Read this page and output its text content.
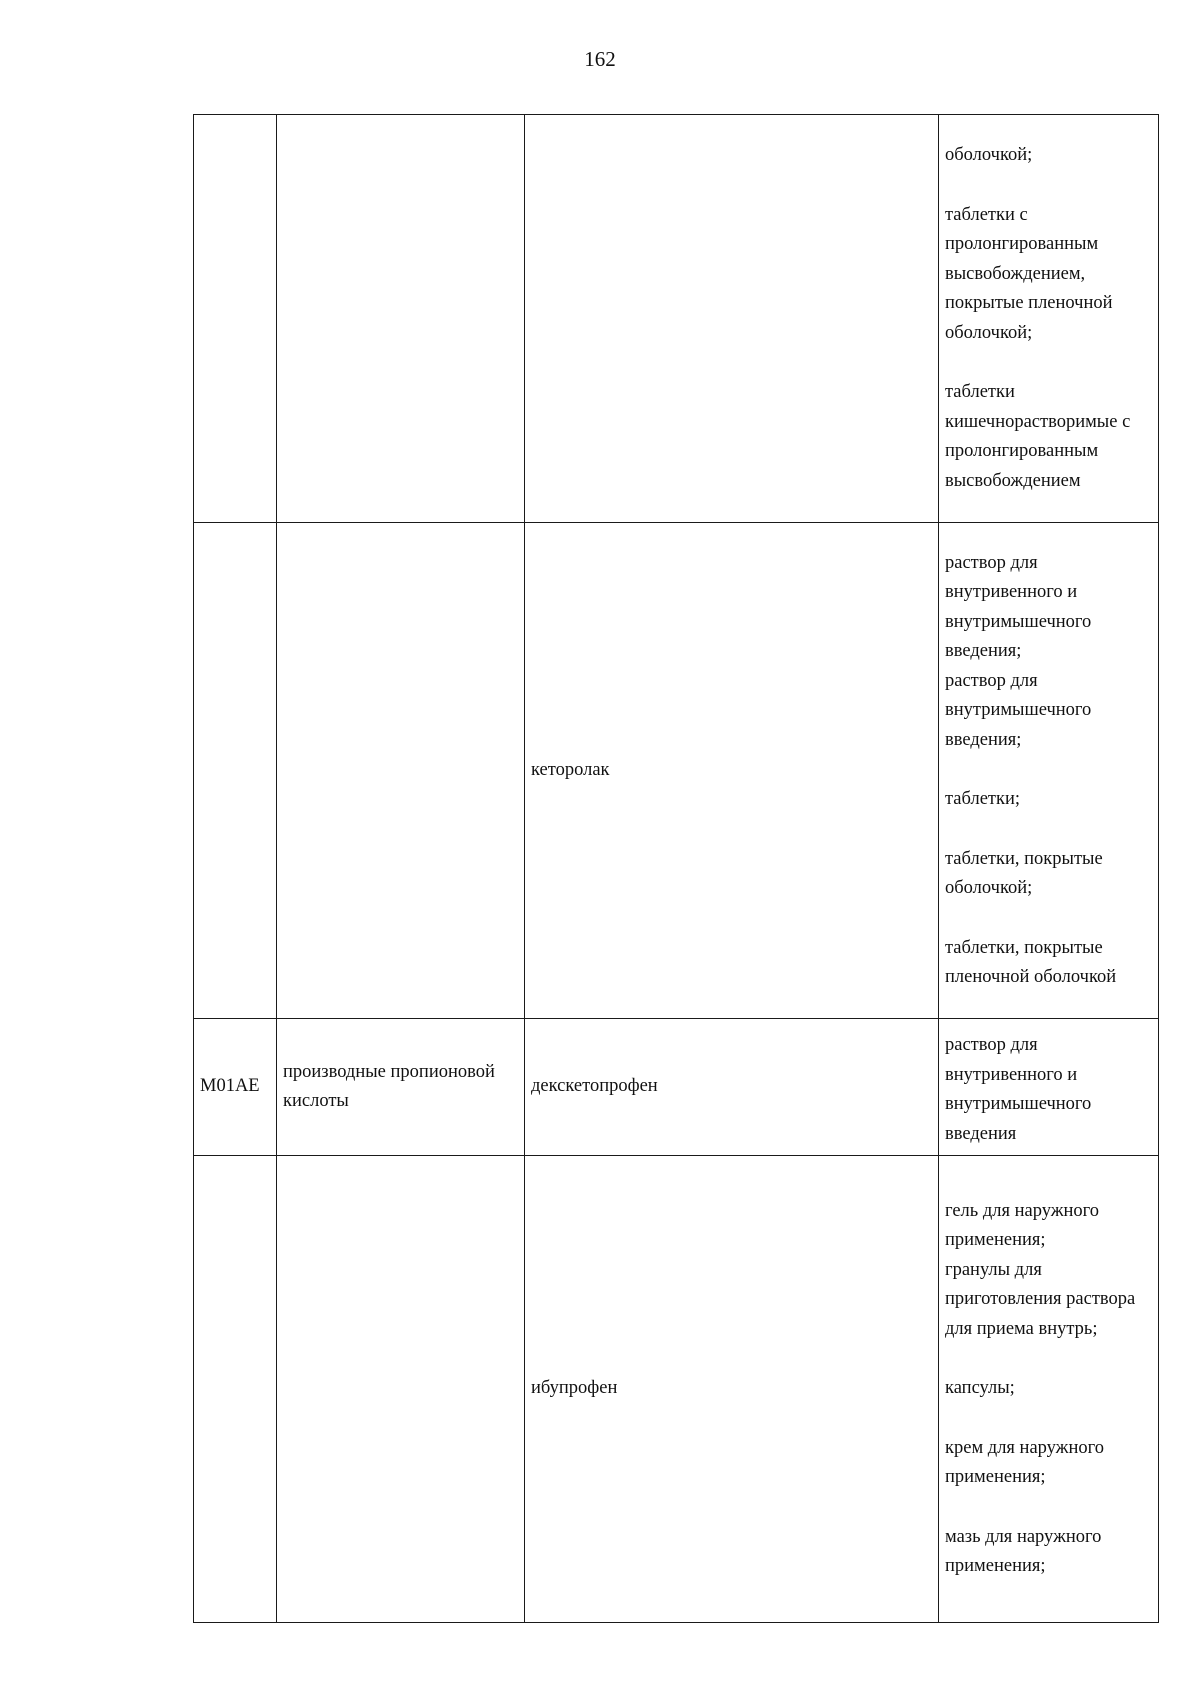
162

			оболочкой;
таблетки с пролонгированным высвобождением, покрытые пленочной оболочкой;
таблетки кишечнорастворимые с пролонгированным высвобождением

		кеторолак	раствор для внутривенного и внутримышечного введения;
раствор для внутримышечного введения;
таблетки;
таблетки, покрытые оболочкой;
таблетки, покрытые пленочной оболочкой

M01AE	производные пропионовой кислоты	декскетопрофен	раствор для внутривенного и внутримышечного введения

		ибупрофен	гель для наружного применения;
гранулы для приготовления раствора для приема внутрь;
капсулы;
крем для наружного применения;
мазь для наружного применения;
